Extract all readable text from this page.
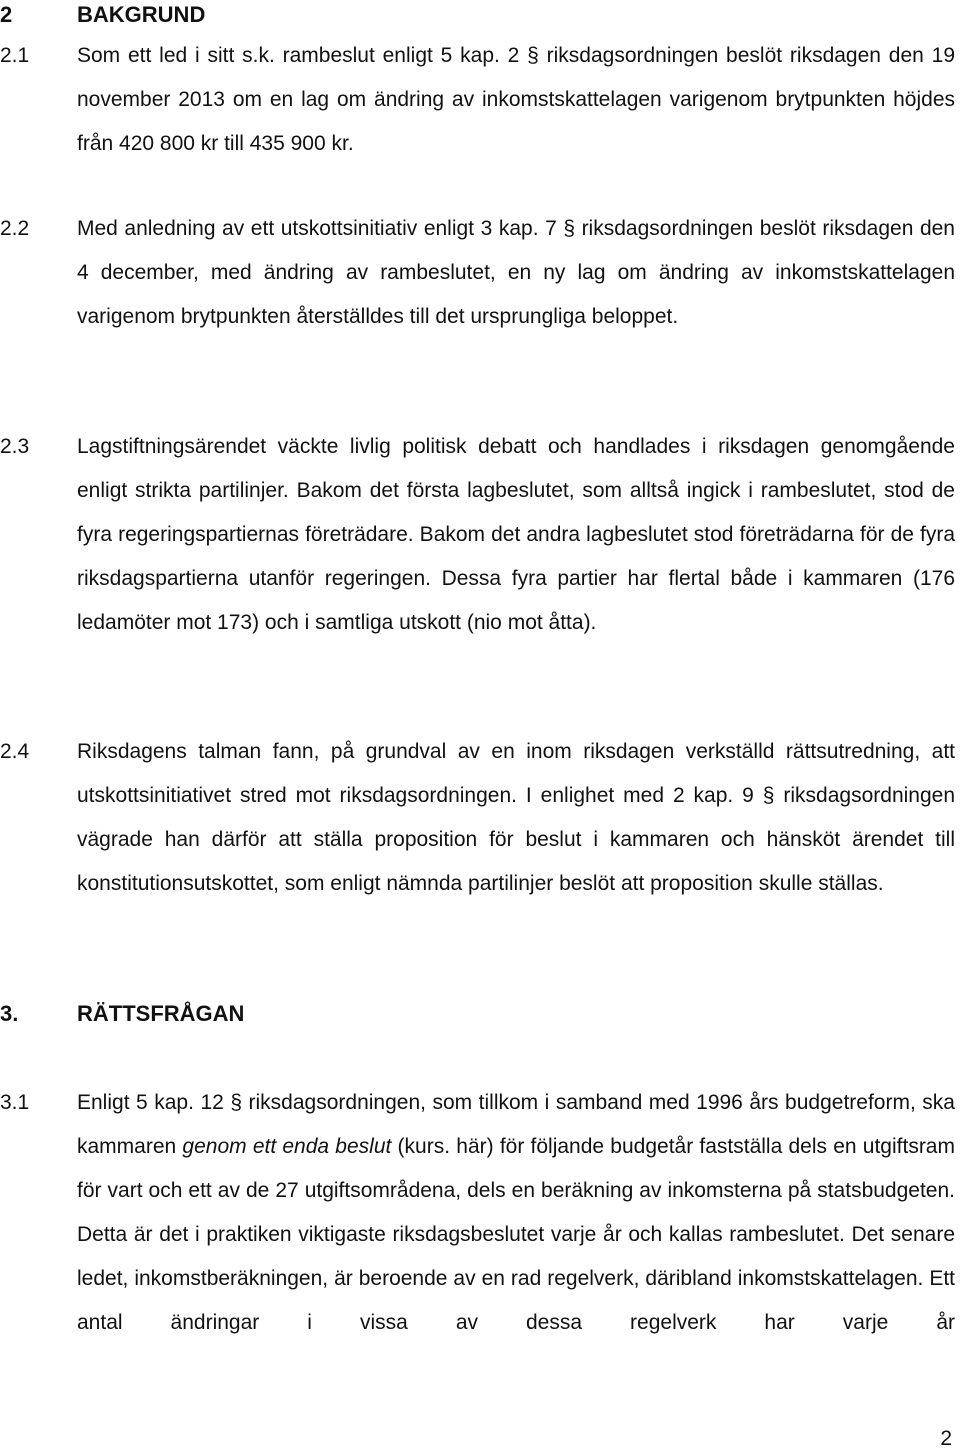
2	BAKGRUND
2.1 Som ett led i sitt s.k. rambeslut enligt 5 kap. 2 § riksdagsordningen beslöt riksdagen den 19 november 2013 om en lag om ändring av inkomstskattelagen varigenom brytpunkten höjdes från 420 800 kr till 435 900 kr.
2.2 Med anledning av ett utskottsinitiativ enligt 3 kap. 7 § riksdagsordningen beslöt riksdagen den 4 december, med ändring av rambeslutet, en ny lag om ändring av inkomstskattelagen varigenom brytpunkten återställdes till det ursprungliga beloppet.
2.3 Lagstiftningsärendet väckte livlig politisk debatt och handlades i riksdagen genomgående enligt strikta partilinjer. Bakom det första lagbeslutet, som alltså ingick i rambeslutet, stod de fyra regeringspartiernas företrädare. Bakom det andra lagbeslutet stod företrädarna för de fyra riksdagspartierna utanför regeringen. Dessa fyra partier har flertal både i kammaren (176 ledamöter mot 173) och i samtliga utskott (nio mot åtta).
2.4 Riksdagens talman fann, på grundval av en inom riksdagen verkställd rättsutredning, att utskottsinitiativet stred mot riksdagsordningen. I enlighet med 2 kap. 9 § riksdagsordningen vägrade han därför att ställa proposition för beslut i kammaren och hänsköt ärendet till konstitutionsutskottet, som enligt nämnda partilinjer beslöt att proposition skulle ställas.
3.	RÄTTSFRÅGAN
3.1 Enligt 5 kap. 12 § riksdagsordningen, som tillkom i samband med 1996 års budgetreform, ska kammaren genom ett enda beslut (kurs. här) för följande budgetår fastställa dels en utgiftsram för vart och ett av de 27 utgiftsområdena, dels en beräkning av inkomsterna på statsbudgeten. Detta är det i praktiken viktigaste riksdagsbeslutet varje år och kallas rambeslutet. Det senare ledet, inkomstberäkningen, är beroende av en rad regelverk, däribland inkomstskattelagen. Ett antal ändringar i vissa av dessa regelverk har varje år
2
